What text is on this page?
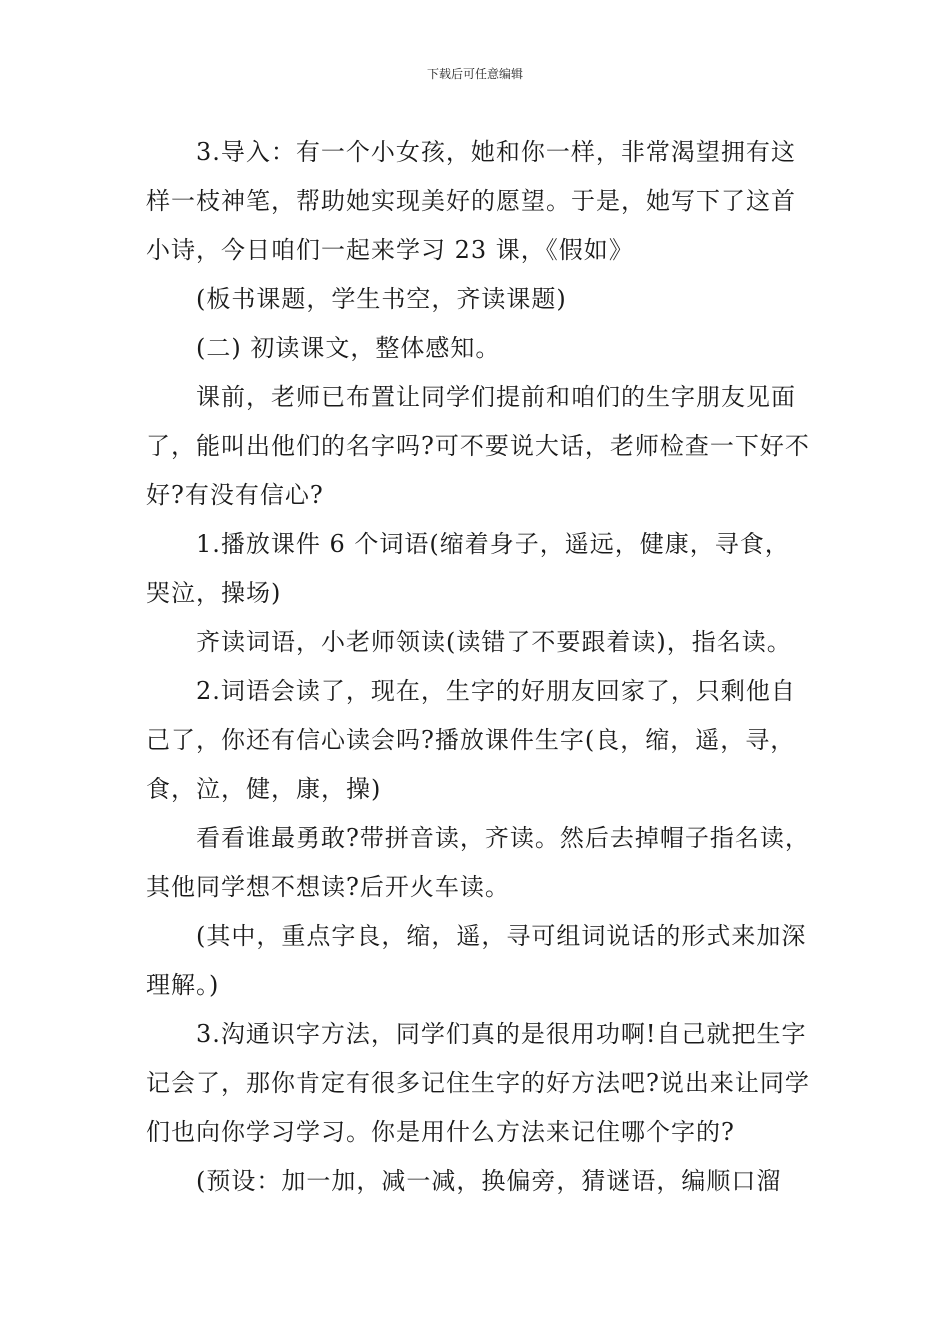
下载后可任意编辑

3.导入：有一个小女孩，她和你一样，非常渴望拥有这样一枝神笔，帮助她实现美好的愿望。于是，她写下了这首小诗，今日咱们一起来学习 23 课，《假如》

(板书课题，学生书空，齐读课题)

(二) 初读课文，整体感知。

课前，老师已布置让同学们提前和咱们的生字朋友见面了，能叫出他们的名字吗?可不要说大话，老师检查一下好不好?有没有信心?

1.播放课件 6 个词语(缩着身子，遥远，健康，寻食，哭泣，操场)

齐读词语，小老师领读(读错了不要跟着读)，指名读。

2.词语会读了，现在，生字的好朋友回家了，只剩他自己了，你还有信心读会吗?播放课件生字(良，缩，遥，寻，食，泣，健，康，操)

看看谁最勇敢?带拼音读，齐读。然后去掉帽子指名读，其他同学想不想读?后开火车读。

(其中，重点字良，缩，遥，寻可组词说话的形式来加深理解。)

3.沟通识字方法，同学们真的是很用功啊!自己就把生字记会了，那你肯定有很多记住生字的好方法吧?说出来让同学们也向你学习学习。你是用什么方法来记住哪个字的?

(预设：加一加，减一减，换偏旁，猜谜语，编顺口溜
